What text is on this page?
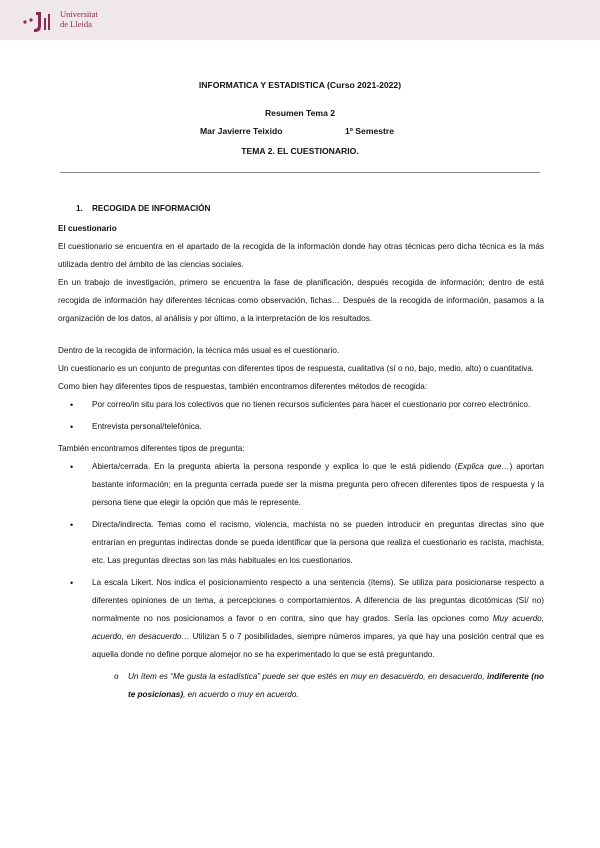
Universitat
de Lleida
INFORMATICA Y ESTADISTICA (Curso 2021-2022)
Resumen Tema 2
Mar Javierre Teixido	1º Semestre
TEMA 2. EL CUESTIONARIO.
1. RECOGIDA DE INFORMACIÓN
El cuestionario

El cuestionario se encuentra en el apartado de la recogida de la información donde hay otras técnicas pero dicha técnica es la más utilizada dentro del ámbito de las ciencias sociales.

En un trabajo de investigación, primero se encuentra la fase de planificación, después recogida de información; dentro de está recogida de información hay diferentes técnicas como observación, fichas… Después de la recogida de información, pasamos a la organización de los datos, al análisis y por último, a la interpretación de los resultados.

Dentro de la recogida de información, la técnica más usual es el cuestionario.

Un cuestionario es un conjunto de preguntas con diferentes tipos de respuesta, cualitativa (sí o no, bajo, medio, alto) o cuantitativa.

Como bien hay diferentes tipos de respuestas, también encontramos diferentes métodos de recogida:

• Por correo/in situ para los colectivos que no tienen recursos suficientes para hacer el cuestionario por correo electrónico.
• Entrevista personal/telefónica.

También encontramos diferentes tipos de pregunta:

• Abierta/cerrada. En la pregunta abierta la persona responde y explica lo que le está pidiendo (Explica que…) aportan bastante información; en la pregunta cerrada puede ser la misma pregunta pero ofrecen diferentes tipos de respuesta y la persona tiene que elegir la opción que más le represente.
• Directa/indirecta. Temas como el racismo, violencia, machista no se pueden introducir en preguntas directas sino que entrarían en preguntas indirectas donde se pueda identificar que la persona que realiza el cuestionario es racista, machista, etc. Las preguntas directas son las más habituales en los cuestionarios.
• La escala Likert. Nos indica el posicionamiento respecto a una sentencia (ítems). Se utiliza para posicionarse respecto a diferentes opiniones de un tema, a percepciones o comportamientos. A diferencia de las preguntas dicotómicas (Sí/ no) normalmente no nos posicionamos a favor o en contra, sino que hay grados. Sería las opciones como Muy acuerdo, acuerdo, en desacuerdo… Utilizan 5 o 7 posibilidades, siempre números impares, ya que hay una posición central que es aquella donde no define porque alomejor no se ha experimentado lo que se está preguntando.
o Un ítem es “Me gusta la estadística” puede ser que estés en muy en desacuerdo, en desacuerdo, indiferente (no te posicionas), en acuerdo o muy en acuerdo.
